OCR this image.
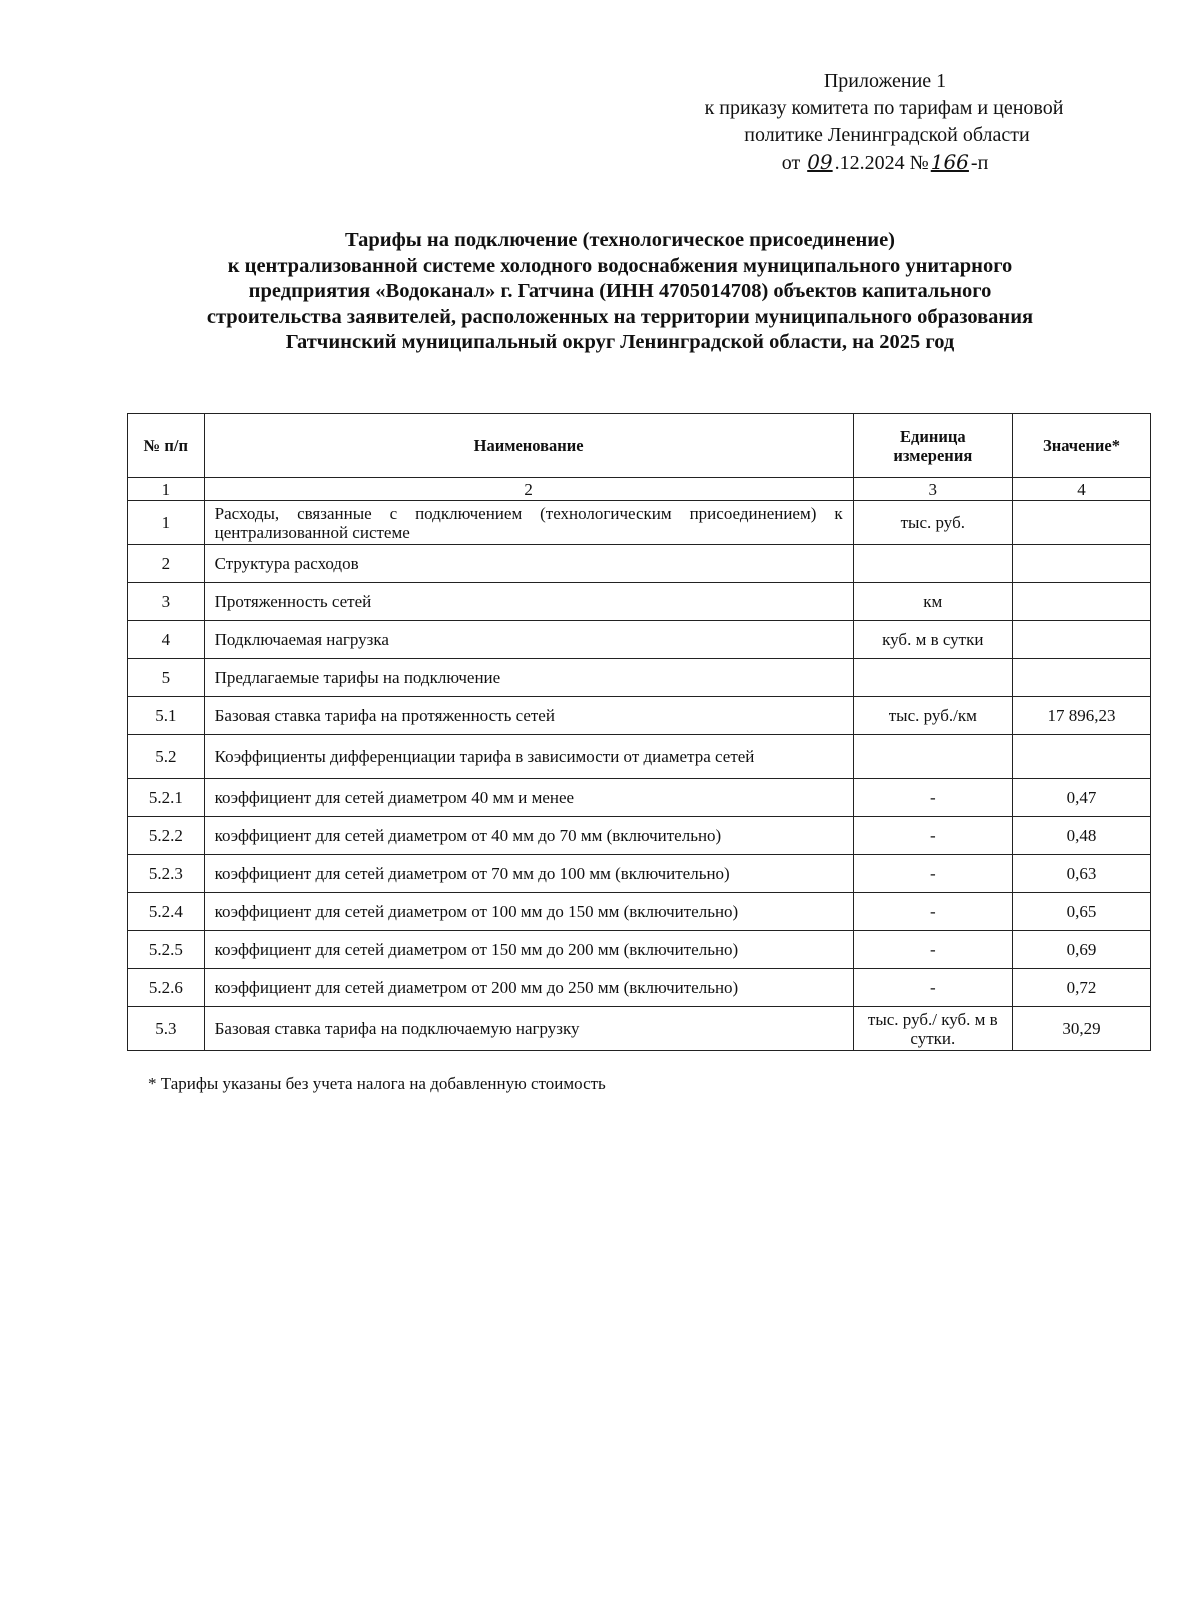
Приложение 1
к приказу комитета по тарифам и ценовой
политике Ленинградской области
от 09 .12.2024 № 166 -п
Тарифы на подключение (технологическое присоединение)
к централизованной системе холодного водоснабжения муниципального унитарного
предприятия «Водоканал» г. Гатчина (ИНН 4705014708) объектов капитального
строительства заявителей, расположенных на территории муниципального образования
Гатчинский муниципальный округ Ленинградской области, на 2025 год
№ п/п	Наименование	Единица измерения	Значение*
1	2	3	4
1	Расходы, связанные с подключением (технологическим присоединением) к централизованной системе	тыс. руб.	
2	Структура расходов		
3	Протяженность сетей	км	
4	Подключаемая нагрузка	куб. м в сутки	
5	Предлагаемые тарифы на подключение		
5.1	Базовая ставка тарифа на протяженность сетей	тыс. руб./км	17 896,23
5.2	Коэффициенты дифференциации тарифа в зависимости от диаметра сетей		
5.2.1	коэффициент для сетей диаметром 40 мм и менее	-	0,47
5.2.2	коэффициент для сетей диаметром от 40 мм до 70 мм (включительно)	-	0,48
5.2.3	коэффициент для сетей диаметром от 70 мм до 100 мм (включительно)	-	0,63
5.2.4	коэффициент для сетей диаметром от 100 мм до 150 мм (включительно)	-	0,65
5.2.5	коэффициент для сетей диаметром от 150 мм до 200 мм (включительно)	-	0,69
5.2.6	коэффициент для сетей диаметром от 200 мм до 250 мм (включительно)	-	0,72
5.3	Базовая ставка тарифа на подключаемую нагрузку	тыс. руб./ куб. м в сутки.	30,29
* Тарифы указаны без учета налога на добавленную стоимость
